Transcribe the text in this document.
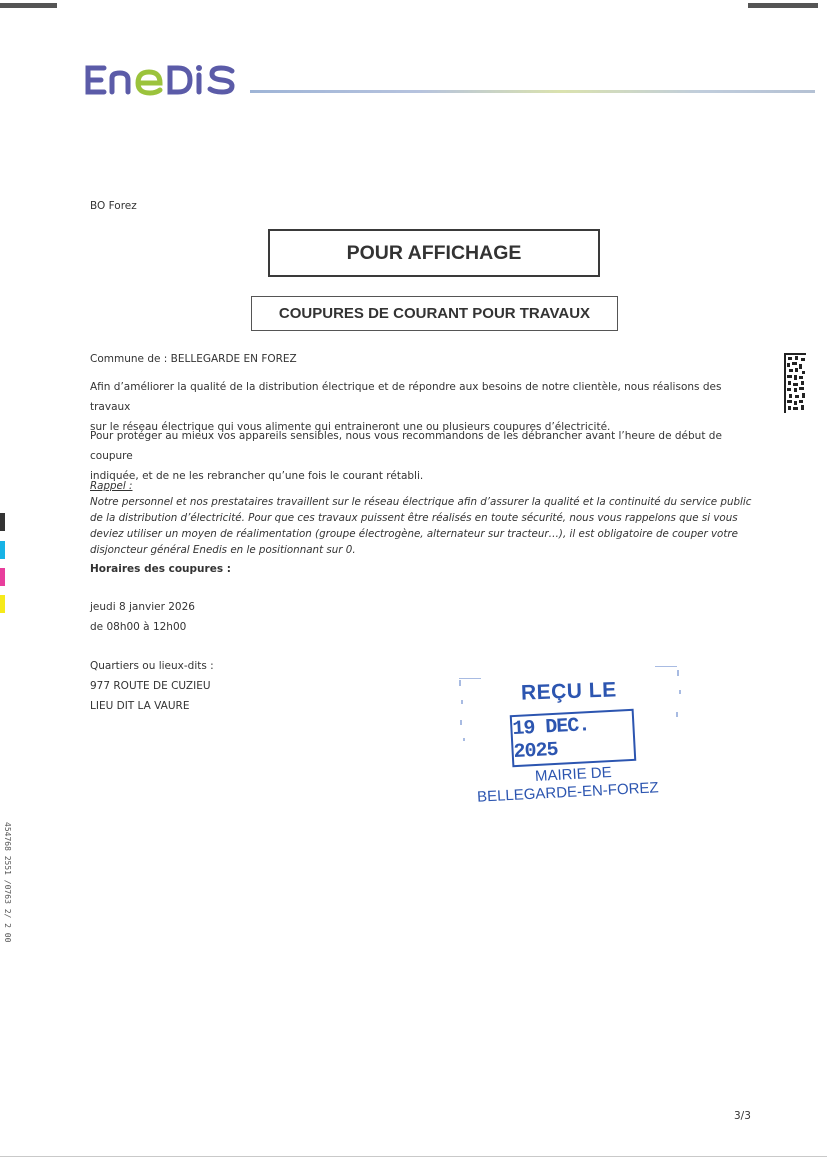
BO Forez
POUR AFFICHAGE
COUPURES DE COURANT POUR TRAVAUX
Commune de : BELLEGARDE EN FOREZ
Afin d’améliorer la qualité de la distribution électrique et de répondre aux besoins de notre clientèle, nous réalisons des travaux
sur le réseau électrique qui vous alimente qui entraineront une ou plusieurs coupures d’électricité.
Pour protéger au mieux vos appareils sensibles, nous vous recommandons de les débrancher avant l’heure de début de coupure
indiquée, et de ne les rebrancher qu’une fois le courant rétabli.
Rappel :
Notre personnel et nos prestataires travaillent sur le réseau électrique afin d’assurer la qualité et la continuité du service public
de la distribution d’électricité. Pour que ces travaux puissent être réalisés en toute sécurité, nous vous rappelons que si vous
deviez utiliser un moyen de réalimentation (groupe électrogène, alternateur sur tracteur…), il est obligatoire de couper votre
disjoncteur général Enedis en le positionnant sur 0.
Horaires des coupures :
jeudi 8 janvier 2026
de 08h00 à 12h00
Quartiers ou lieux-dits :
977 ROUTE DE CUZIEU
LIEU DIT LA VAURE
454768 2551 /0763 2/ 2 00
REÇU LE
19 DEC. 2025
MAIRIE DE
BELLEGARDE-EN-FOREZ
3/3
